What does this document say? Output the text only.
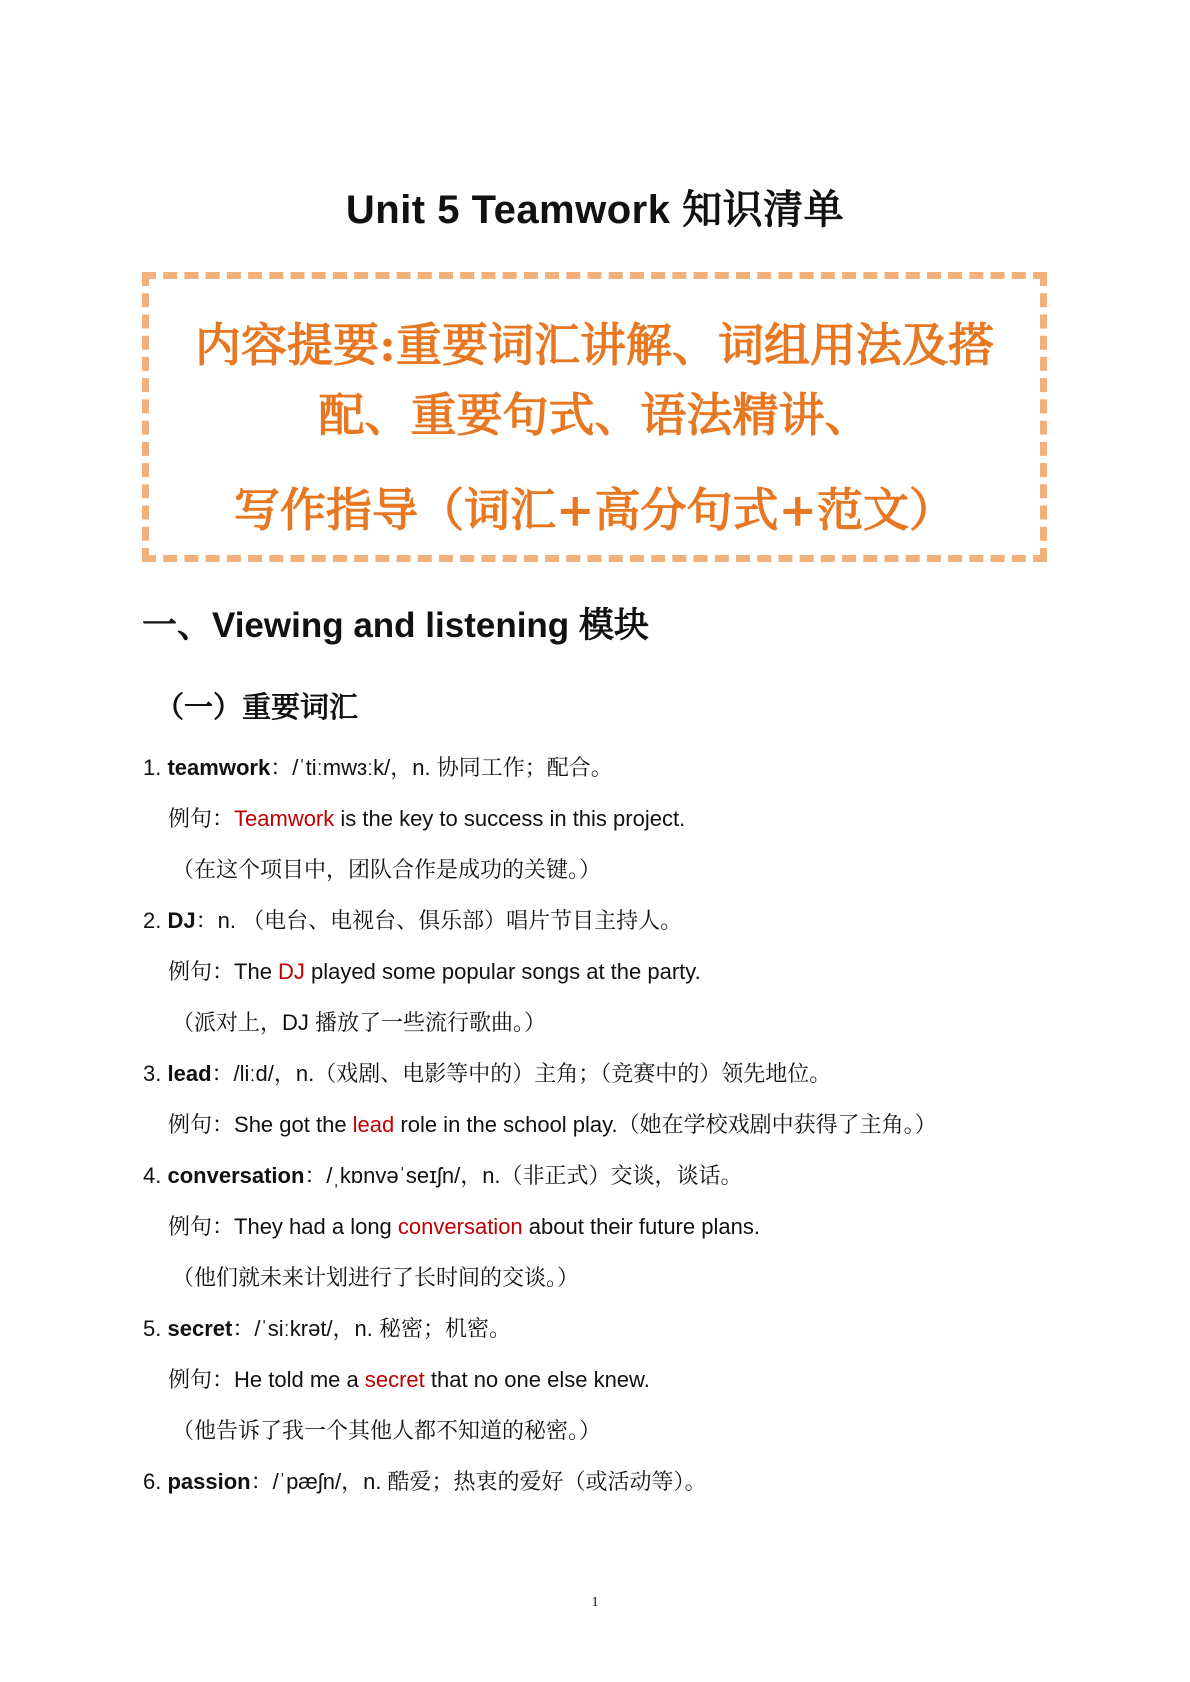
Unit 5 Teamwork 知识清单
内容提要:重要词汇讲解、词组用法及搭
配、重要句式、语法精讲、
写作指导（词汇+高分句式+范文）
一、Viewing and listening 模块
（一）重要词汇
1. teamwork：/ˈtiːmwɜːk/，n. 协同工作；配合。
例句：Teamwork is the key to success in this project.
（在这个项目中，团队合作是成功的关键。）
2. DJ：n. （电台、电视台、俱乐部）唱片节目主持人。
例句：The DJ played some popular songs at the party.
（派对上，DJ 播放了一些流行歌曲。）
3. lead：/liːd/，n.（戏剧、电影等中的）主角；（竞赛中的）领先地位。
例句：She got the lead role in the school play.（她在学校戏剧中获得了主角。）
4. conversation：/ˌkɒnvəˈseɪʃn/，n.（非正式）交谈，谈话。
例句：They had a long conversation about their future plans.
（他们就未来计划进行了长时间的交谈。）
5. secret：/ˈsiːkrət/，n. 秘密；机密。
例句：He told me a secret that no one else knew.
（他告诉了我一个其他人都不知道的秘密。）
6. passion：/ˈpæʃn/，n. 酷爱；热衷的爱好（或活动等）。
1
